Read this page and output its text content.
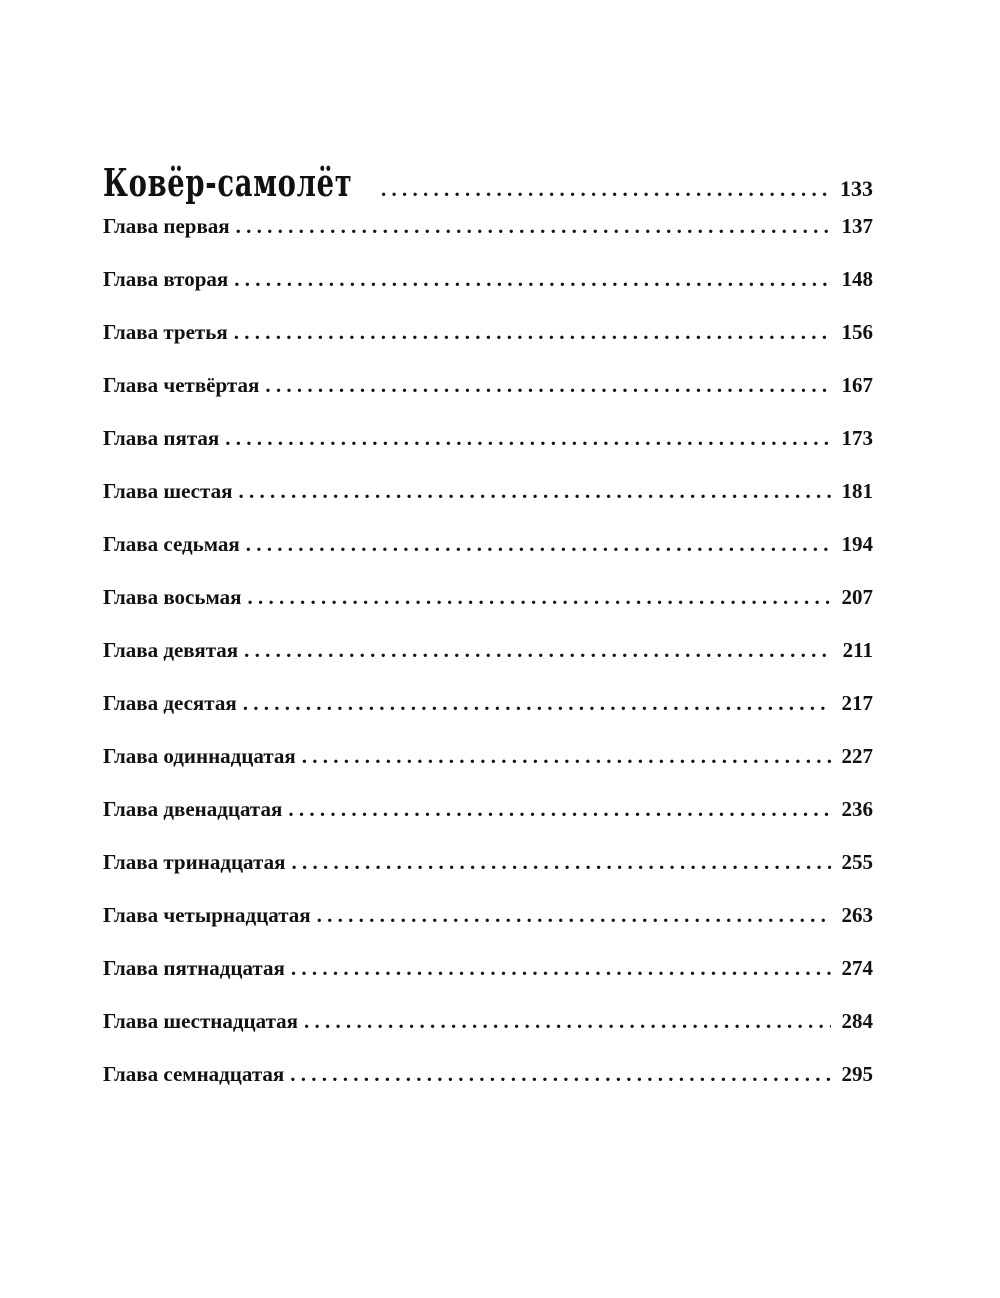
Ковёр-самолёт . . .	133
Глава первая . . .	137
Глава вторая . . .	148
Глава третья . . .	156
Глава четвёртая . . .	167
Глава пятая . . .	173
Глава шестая . . .	181
Глава седьмая . . .	194
Глава восьмая . . .	207
Глава девятая . . .	211
Глава десятая . . .	217
Глава одиннадцатая . . .	227
Глава двенадцатая . . .	236
Глава тринадцатая . . .	255
Глава четырнадцатая . . .	263
Глава пятнадцатая . . .	274
Глава шестнадцатая . . .	284
Глава семнадцатая . . .	295
